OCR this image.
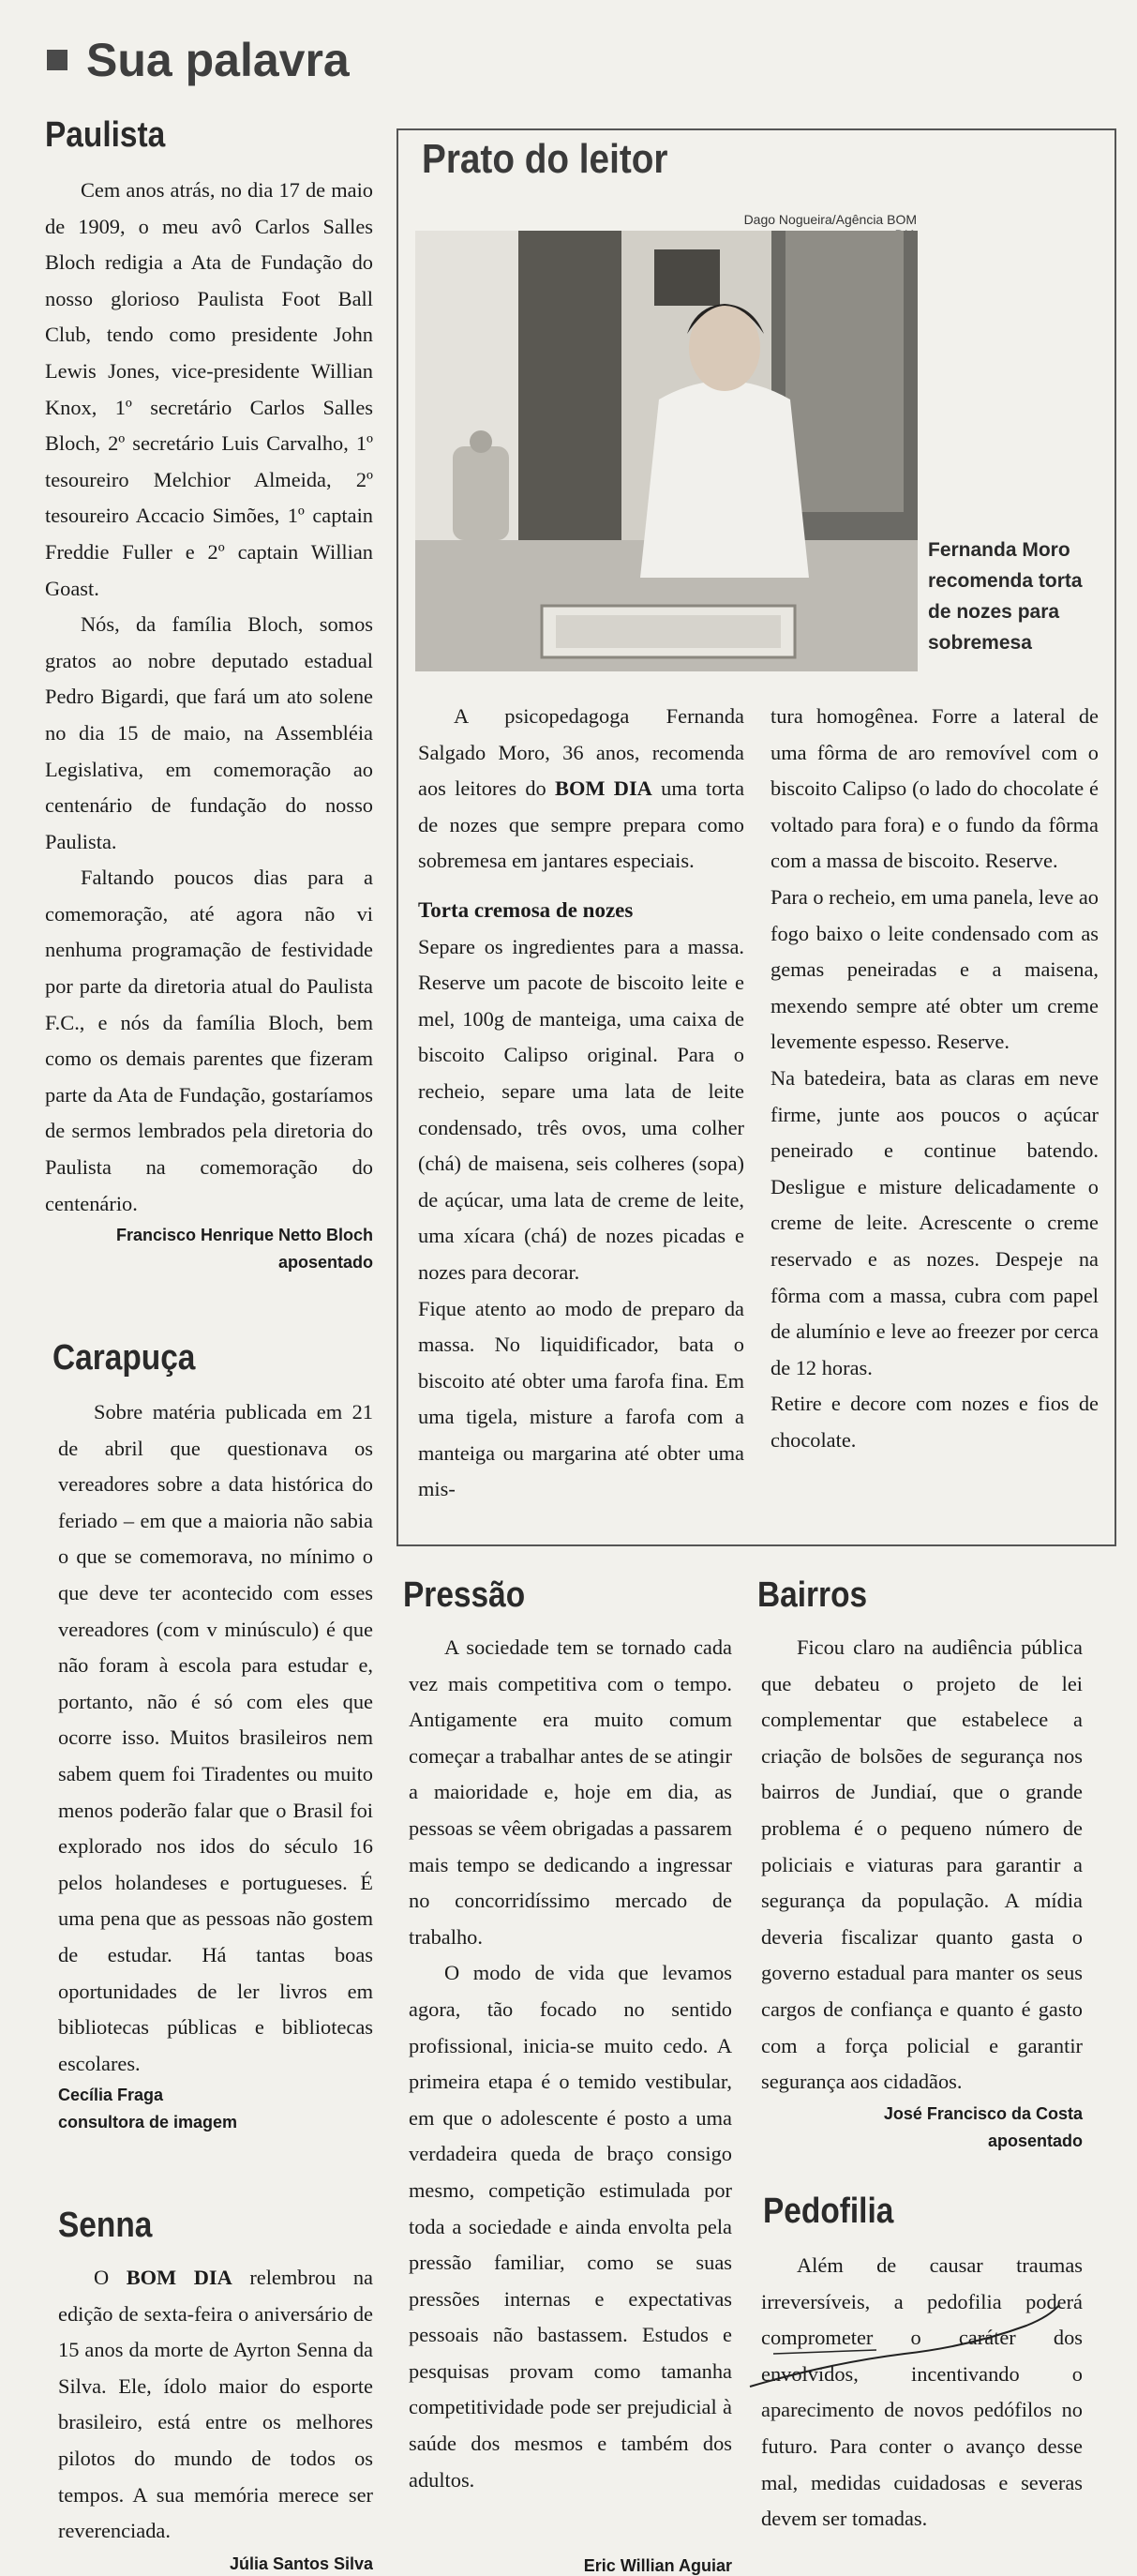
Sua palavra
Paulista

Cem anos atrás, no dia 17 de maio de 1909, o meu avô Carlos Salles Bloch redigia a Ata de Fundação do nosso glorioso Paulista Foot Ball Club, tendo como presidente John Lewis Jones, vice-presidente Willian Knox, 1º secretário Carlos Salles Bloch, 2º secretário Luis Carvalho, 1º tesoureiro Melchior Almeida, 2º tesoureiro Accacio Simões, 1º captain Freddie Fuller e 2º captain Willian Goast.

Nós, da família Bloch, somos gratos ao nobre deputado estadual Pedro Bigardi, que fará um ato solene no dia 15 de maio, na Assembléia Legislativa, em comemoração ao centenário de fundação do nosso Paulista.

Faltando poucos dias para a comemoração, até agora não vi nenhuma programação de festividade por parte da diretoria atual do Paulista F.C., e nós da família Bloch, bem como os demais parentes que fizeram parte da Ata de Fundação, gostaríamos de sermos lembrados pela diretoria do Paulista na comemoração do centenário.

Francisco Henrique Netto Bloch
aposentado
Carapuça

Sobre matéria publicada em 21 de abril que questionava os vereadores sobre a data histórica do feriado – em que a maioria não sabia o que se comemorava, no mínimo o que deve ter acontecido com esses vereadores (com v minúsculo) é que não foram à escola para estudar e, portanto, não é só com eles que ocorre isso. Muitos brasileiros nem sabem quem foi Tiradentes ou muito menos poderão falar que o Brasil foi explorado nos idos do século 16 pelos holandeses e portugueses. É uma pena que as pessoas não gostem de estudar. Há tantas boas oportunidades de ler livros em bibliotecas públicas e bibliotecas escolares.

Cecília Fraga
consultora de imagem
Senna

O BOM DIA relembrou na edição de sexta-feira o aniversário de 15 anos da morte de Ayrton Senna da Silva. Ele, ídolo maior do esporte brasileiro, está entre os melhores pilotos do mundo de todos os tempos. A sua memória merece ser reverenciada.

Júlia Santos Silva
Prato do leitor
Dago Nogueira/Agência BOM
Fernanda Moro recomenda torta de nozes para sobremesa

A psicopedagoga Fernanda Salgado Moro, 36 anos, recomenda aos leitores do BOM DIA uma torta de nozes que sempre prepara como sobremesa em jantares especiais.

Torta cremosa de nozes

Separe os ingredientes para a massa. Reserve um pacote de biscoito leite e mel, 100g de manteiga, uma caixa de biscoito Calipso original. Para o recheio, separe uma lata de leite condensado, três ovos, uma colher (chá) de maisena, seis colheres (sopa) de açúcar, uma lata de creme de leite, uma xícara (chá) de nozes picadas e nozes para decorar.

Fique atento ao modo de preparo da massa. No liquidificador, bata o biscoito até obter uma farofa fina. Em uma tigela, misture a farofa com a manteiga ou margarina até obter uma mis-

tura homogênea. Forre a lateral de uma fôrma de aro removível com o biscoito Calipso (o lado do chocolate é voltado para fora) e o fundo da fôrma com a massa de biscoito. Reserve.

Para o recheio, em uma panela, leve ao fogo baixo o leite condensado com as gemas peneiradas e a maisena, mexendo sempre até obter um creme levemente espesso. Reserve.

Na batedeira, bata as claras em neve firme, junte aos poucos o açúcar peneirado e continue batendo. Desligue e misture delicadamente o creme de leite. Acrescente o creme reservado e as nozes. Despeje na fôrma com a massa, cubra com papel de alumínio e leve ao freezer por cerca de 12 horas.

Retire e decore com nozes e fios de chocolate.

Pressão

A sociedade tem se tornado cada vez mais competitiva com o tempo. Antigamente era muito comum começar a trabalhar antes de se atingir a maioridade e, hoje em dia, as pessoas se vêem obrigadas a passarem mais tempo se dedicando a ingressar no concorridíssimo mercado de trabalho.

O modo de vida que levamos agora, tão focado no sentido profissional, inicia-se muito cedo. A primeira etapa é o temido vestibular, em que o adolescente é posto a uma verdadeira queda de braço consigo mesmo, competição estimulada por toda a sociedade e ainda envolta pela pressão familiar, como se suas pressões internas e expectativas pessoais não bastassem. Estudos e pesquisas provam como tamanha competitividade pode ser prejudicial à saúde dos mesmos e também dos adultos.

Eric Willian Aguiar
Bairros

Ficou claro na audiência pública que debateu o projeto de lei complementar que estabelece a criação de bolsões de segurança nos bairros de Jundiaí, que o grande problema é o pequeno número de policiais e viaturas para garantir a segurança da população. A mídia deveria fiscalizar quanto gasta o governo estadual para manter os seus cargos de confiança e quanto é gasto com a força policial e garantir segurança aos cidadãos.

José Francisco da Costa
aposentado
Pedofilia

Além de causar traumas irreversíveis, a pedofilia poderá comprometer o caráter dos envolvidos, incentivando o aparecimento de novos pedófilos no futuro. Para conter o avanço desse mal, medidas cuidadosas e severas devem ser tomadas.
